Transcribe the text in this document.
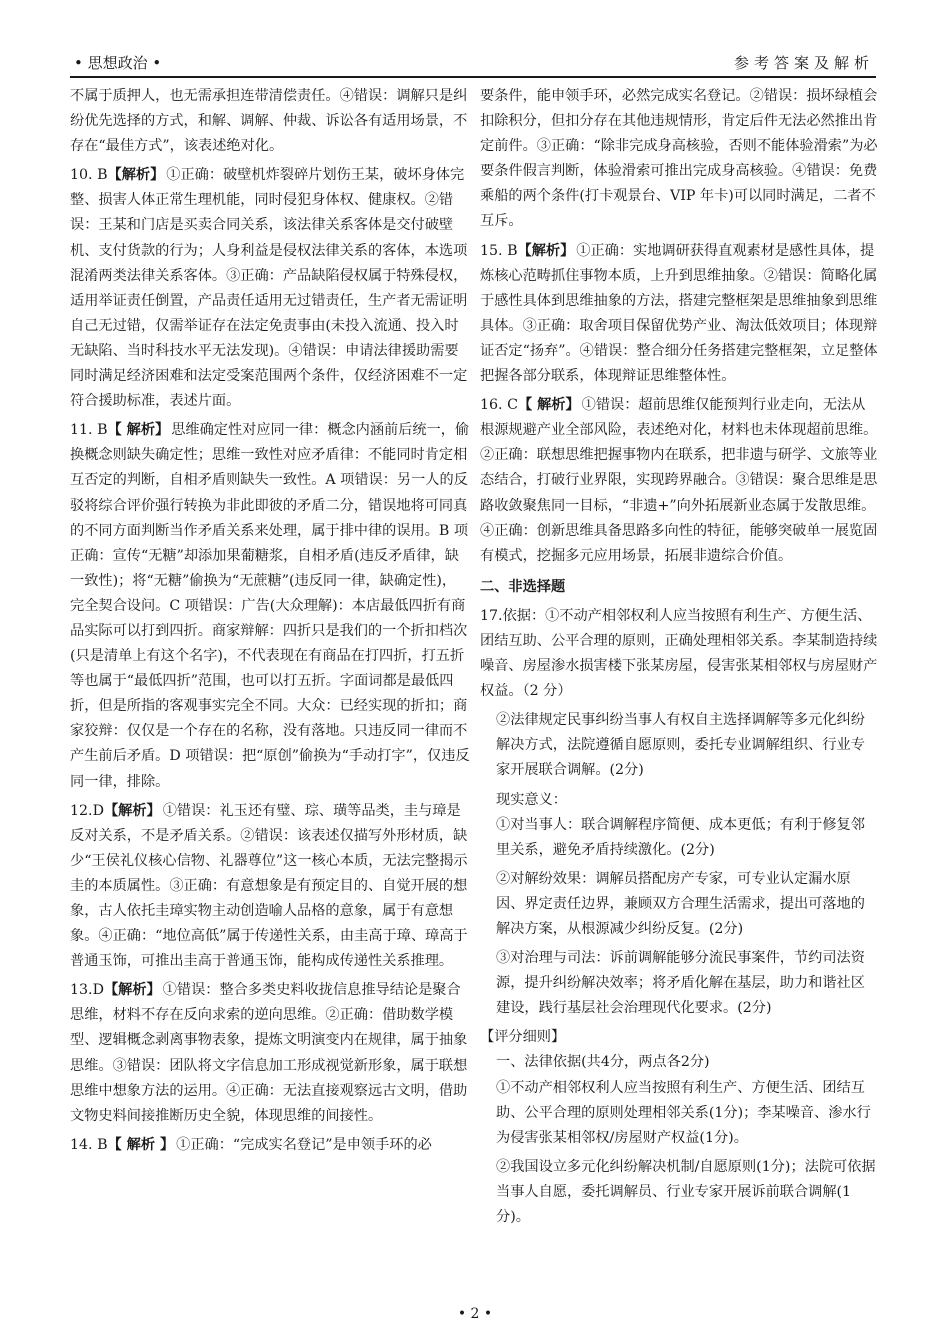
• 思想政治 •	参考答案及解析

不属于质押人，也无需承担连带清偿责任。④错误：调解只是纠纷优先选择的方式，和解、调解、仲裁、诉讼各有适用场景，不存在“最佳方式”，该表述绝对化。

10. B【解析】 ①正确：破壁机炸裂碎片划伤王某，破坏身体完整、损害人体正常生理机能，同时侵犯身体权、健康权。②错误：王某和门店是买卖合同关系，该法律关系客体是交付破壁机、支付货款的行为；人身利益是侵权法律关系的客体，本选项混淆两类法律关系客体。③正确：产品缺陷侵权属于特殊侵权，适用举证责任倒置，产品责任适用无过错责任，生产者无需证明自己无过错，仅需举证存在法定免责事由(未投入流通、投入时无缺陷、当时科技水平无法发现)。④错误：申请法律援助需要同时满足经济困难和法定受案范围两个条件，仅经济困难不一定符合援助标准，表述片面。

11. B【 解析】 思维确定性对应同一律：概念内涵前后统一，偷换概念则缺失确定性；思维一致性对应矛盾律：不能同时肯定相互否定的判断，自相矛盾则缺失一致性。A 项错误：另一人的反驳将综合评价强行转换为非此即彼的矛盾二分，错误地将可同真的不同方面判断当作矛盾关系来处理，属于排中律的误用。B 项正确：宣传“无糖”却添加果葡糖浆，自相矛盾(违反矛盾律，缺一致性)；将“无糖”偷换为“无蔗糖”(违反同一律，缺确定性)，完全契合设问。C 项错误：广告(大众理解)：本店最低四折有商品实际可以打到四折。商家辩解：四折只是我们的一个折扣档次(只是清单上有这个名字)，不代表现在有商品在打四折，打五折等也属于“最低四折”范围，也可以打五折。字面词都是最低四折，但是所指的客观事实完全不同。大众：已经实现的折扣；商家狡辩：仅仅是一个存在的名称，没有落地。只违反同一律而不产生前后矛盾。D 项错误：把“原创”偷换为“手动打字”，仅违反同一律，排除。

12.D【解析】 ①错误：礼玉还有璧、琮、璜等品类，圭与璋是反对关系，不是矛盾关系。②错误：该表述仅描写外形材质，缺少“王侯礼仪核心信物、礼器尊位”这一核心本质，无法完整揭示圭的本质属性。③正确：有意想象是有预定目的、自觉开展的想象，古人依托圭璋实物主动创造喻人品格的意象，属于有意想象。④正确：“地位高低”属于传递性关系，由圭高于璋、璋高于普通玉饰，可推出圭高于普通玉饰，能构成传递性关系推理。

13.D【解析】 ①错误：整合多类史料收拢信息推导结论是聚合思维，材料不存在反向求索的逆向思维。②正确：借助数学模型、逻辑概念剥离事物表象，提炼文明演变内在规律，属于抽象思维。③错误：团队将文字信息加工形成视觉新形象，属于联想思维中想象方法的运用。④正确：无法直接观察远古文明，借助文物史料间接推断历史全貌，体现思维的间接性。

14. B【 解析 】 ①正确：“完成实名登记”是申领手环的必

要条件，能申领手环，必然完成实名登记。②错误：损坏绿植会扣除积分，但扣分存在其他违规情形，肯定后件无法必然推出肯定前件。③正确：“除非完成身高核验，否则不能体验滑索”为必要条件假言判断，体验滑索可推出完成身高核验。④错误：免费乘船的两个条件(打卡观景台、VIP 年卡)可以同时满足，二者不互斥。

15. B【解析】 ①正确：实地调研获得直观素材是感性具体，提炼核心范畴抓住事物本质，上升到思维抽象。②错误：简略化属于感性具体到思维抽象的方法，搭建完整框架是思维抽象到思维具体。③正确：取舍项目保留优势产业、淘汰低效项目；体现辩证否定“扬弃”。④错误：整合细分任务搭建完整框架，立足整体把握各部分联系，体现辩证思维整体性。

16. C【 解析】 ①错误：超前思维仅能预判行业走向，无法从根源规避产业全部风险，表述绝对化，材料也未体现超前思维。②正确：联想思维把握事物内在联系，把非遗与研学、文旅等业态结合，打破行业界限，实现跨界融合。③错误：聚合思维是思路收敛聚焦同一目标，“非遗+”向外拓展新业态属于发散思维。④正确：创新思维具备思路多向性的特征，能够突破单一展览固有模式，挖掘多元应用场景，拓展非遗综合价值。

二、非选择题

17.依据：①不动产相邻权利人应当按照有利生产、方便生活、团结互助、公平合理的原则，正确处理相邻关系。李某制造持续噪音、房屋渗水损害楼下张某房屋，侵害张某相邻权与房屋财产权益。（2 分）

②法律规定民事纠纷当事人有权自主选择调解等多元化纠纷解决方式，法院遵循自愿原则，委托专业调解组织、行业专家开展联合调解。(2分)

现实意义：

①对当事人：联合调解程序简便、成本更低；有利于修复邻里关系，避免矛盾持续激化。(2分)

②对解纷效果：调解员搭配房产专家，可专业认定漏水原因、界定责任边界，兼顾双方合理生活需求，提出可落地的解决方案，从根源减少纠纷反复。(2分)

③对治理与司法：诉前调解能够分流民事案件，节约司法资源，提升纠纷解决效率；将矛盾化解在基层，助力和谐社区建设，践行基层社会治理现代化要求。(2分)

【评分细则】

一、法律依据(共4分，两点各2分)

①不动产相邻权利人应当按照有利生产、方便生活、团结互助、公平合理的原则处理相邻关系(1分)；李某噪音、渗水行为侵害张某相邻权/房屋财产权益(1分)。

②我国设立多元化纠纷解决机制/自愿原则(1分)；法院可依据当事人自愿，委托调解员、行业专家开展诉前联合调解(1分)。

• 2 •
